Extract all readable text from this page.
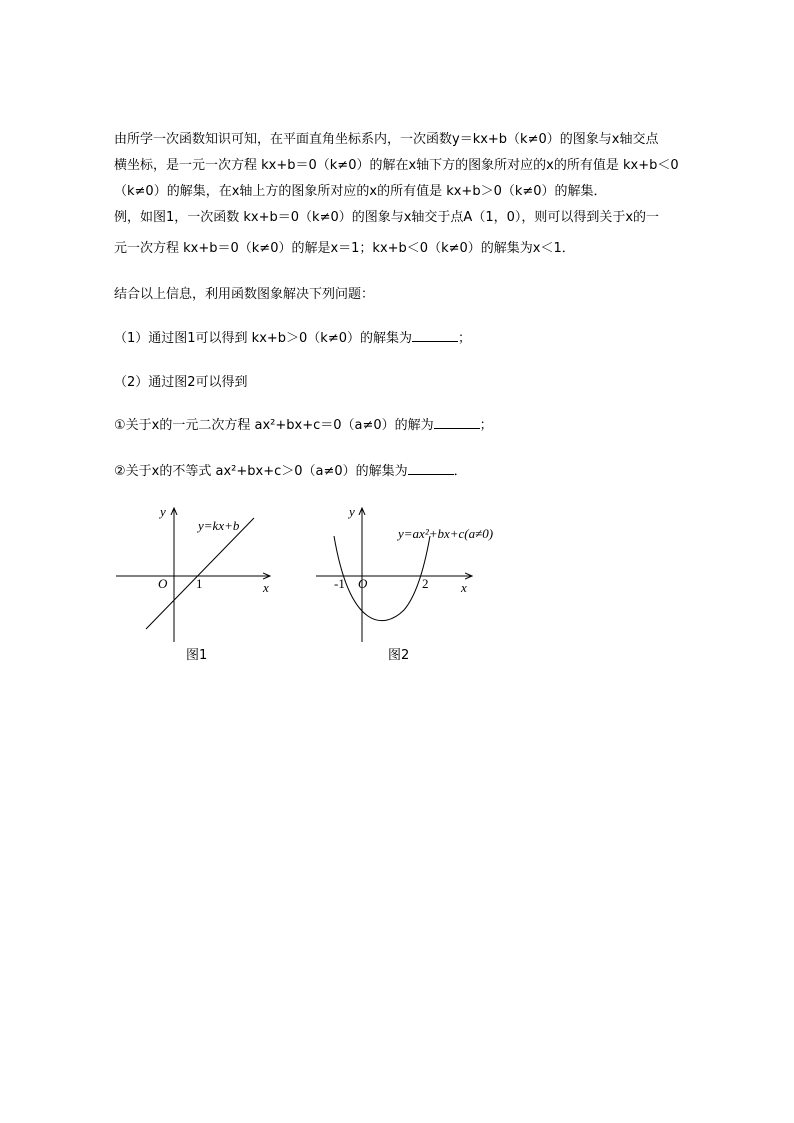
由所学一次函数知识可知，在平面直角坐标系内，一次函数y＝kx+b（k≠0）的图象与x轴交点

横坐标，是一元一次方程 kx+b＝0（k≠0）的解在x轴下方的图象所对应的x的所有值是 kx+b＜0

（k≠0）的解集，在x轴上方的图象所对应的x的所有值是 kx+b＞0（k≠0）的解集．

例，如图1，一次函数 kx+b＝0（k≠0）的图象与x轴交于点A（1，0），则可以得到关于x的一

元一次方程 kx+b＝0（k≠0）的解是x＝1；kx+b＜0（k≠0）的解集为x＜1．

结合以上信息，利用函数图象解决下列问题：

（1）通过图1可以得到 kx+b＞0（k≠0）的解集为	；

（2）通过图2可以得到

①关于x的一元二次方程 ax²+bx+c＝0（a≠0）的解为	；

②关于x的不等式 ax²+bx+c＞0（a≠0）的解集为	．

y
x
O 1
y=kx+b
图1
y
x
O
-1	2
y=ax²+bx+c(a≠0)
图2
